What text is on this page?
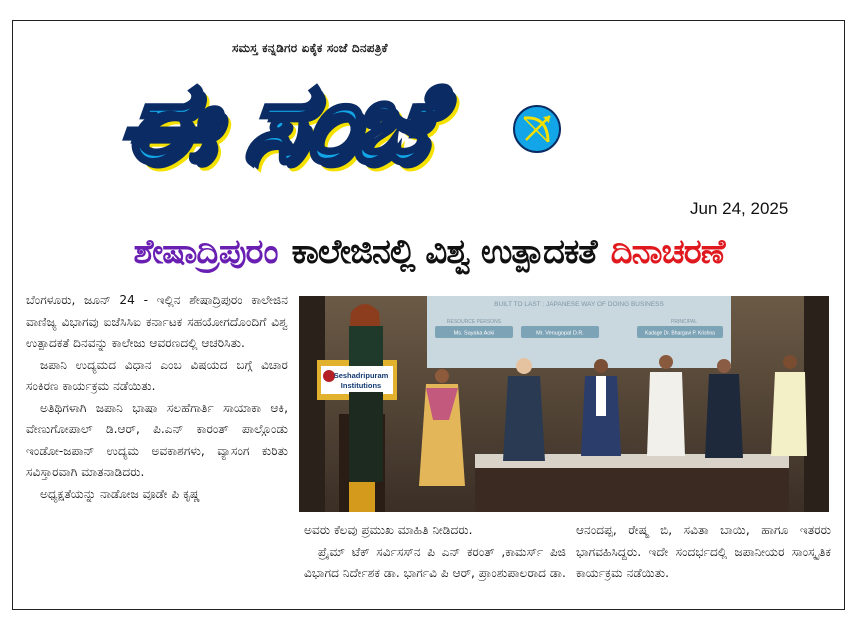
ಸಮಸ್ತ ಕನ್ನಡಿಗರ ಏಕೈಕ ಸಂಜೆ ದಿನಪತ್ರಿಕೆ
ಈ ಸಂಜೆ
Jun 24, 2025
ಶೇಷಾದ್ರಿಪುರಂ ಕಾಲೇಜಿನಲ್ಲಿ ವಿಶ್ವ ಉತ್ಪಾದಕತೆ ದಿನಾಚರಣೆ

ಬೆಂಗಳೂರು, ಜೂನ್ 24 - ಇಲ್ಲಿನ ಶೇಷಾದ್ರಿಪುರಂ ಕಾಲೇಜಿನ ವಾಣಿಜ್ಯ ವಿಭಾಗವು ಐಜೆಸಿಸಿಐ ಕರ್ನಾಟಕ ಸಹಯೋಗದೊಂದಿಗೆ ವಿಶ್ವ ಉತ್ಪಾದಕತೆ ದಿನವನ್ನು ಕಾಲೇಜು ಆವರಣದಲ್ಲಿ ಆಚರಿಸಿತು.

ಜಪಾನಿ ಉದ್ಯಮದ ವಿಧಾನ ಎಂಬ ವಿಷಯದ ಬಗ್ಗೆ ವಿಚಾರ ಸಂಕಿರಣ ಕಾರ್ಯಕ್ರಮ ನಡೆಯಿತು.

ಅತಿಥಿಗಳಾಗಿ ಜಪಾನಿ ಭಾಷಾ ಸಲಹೆಗಾರ್ತಿ ಸಾಯಾಕಾ ಆಕಿ, ವೇಣುಗೋಪಾಲ್ ಡಿ.ಆರ್, ಪಿ.ಎನ್ ಕಾರಂತ್ ಪಾಲ್ಗೊಂಡು ಇಂಡೋ-ಜಪಾನ್ ಉದ್ಯಮ ಅವಕಾಶಗಳು, ವ್ಯಾಸಂಗ ಕುರಿತು ಸವಿಸ್ತಾರವಾಗಿ ಮಾತನಾಡಿದರು.

ಅಧ್ಯಕ್ಷತೆಯನ್ನು ನಾಡೋಜ ವೂಡೇ ಪಿ ಕೃಷ್ಣ

BUILT TO LAST : JAPANESE WAY OF DOING BUSINESS
RESOURCE PERSONS	PRINCIPAL
Ms. Sayaka Aoki	Mr. Venugopal D.R.	Kadage Dr. Bhargavi P. Krishna
Seshadripuram
Institutions

ಅವರು ಕೆಲವು ಪ್ರಮುಖ ಮಾಹಿತಿ ನೀಡಿದರು.

ಪ್ರೈಮ್ ಟೆಕ್ ಸರ್ವಿಸಸ್‌ನ ಪಿ ಎನ್ ಕರಂತ್ ,ಕಾಮರ್ಸ್ ಪಿಜಿ ವಿಭಾಗದ ನಿರ್ದೇಶಕ ಡಾ. ಭಾರ್ಗವಿ ಪಿ ಆರ್, ಪ್ರಾಂಶುಪಾಲರಾದ ಡಾ.

ಆನಂದಪ್ಪ, ರೇಷ್ಮ ಬಿ, ಸವಿತಾ ಬಾಯಿ, ಹಾಗೂ ಇತರರು ಭಾಗವಹಿಸಿದ್ದರು. ಇದೇ ಸಂದರ್ಭದಲ್ಲಿ ಜಪಾನೀಯರ ಸಾಂಸ್ಕೃತಿಕ ಕಾರ್ಯಕ್ರಮ ನಡೆಯಿತು.
